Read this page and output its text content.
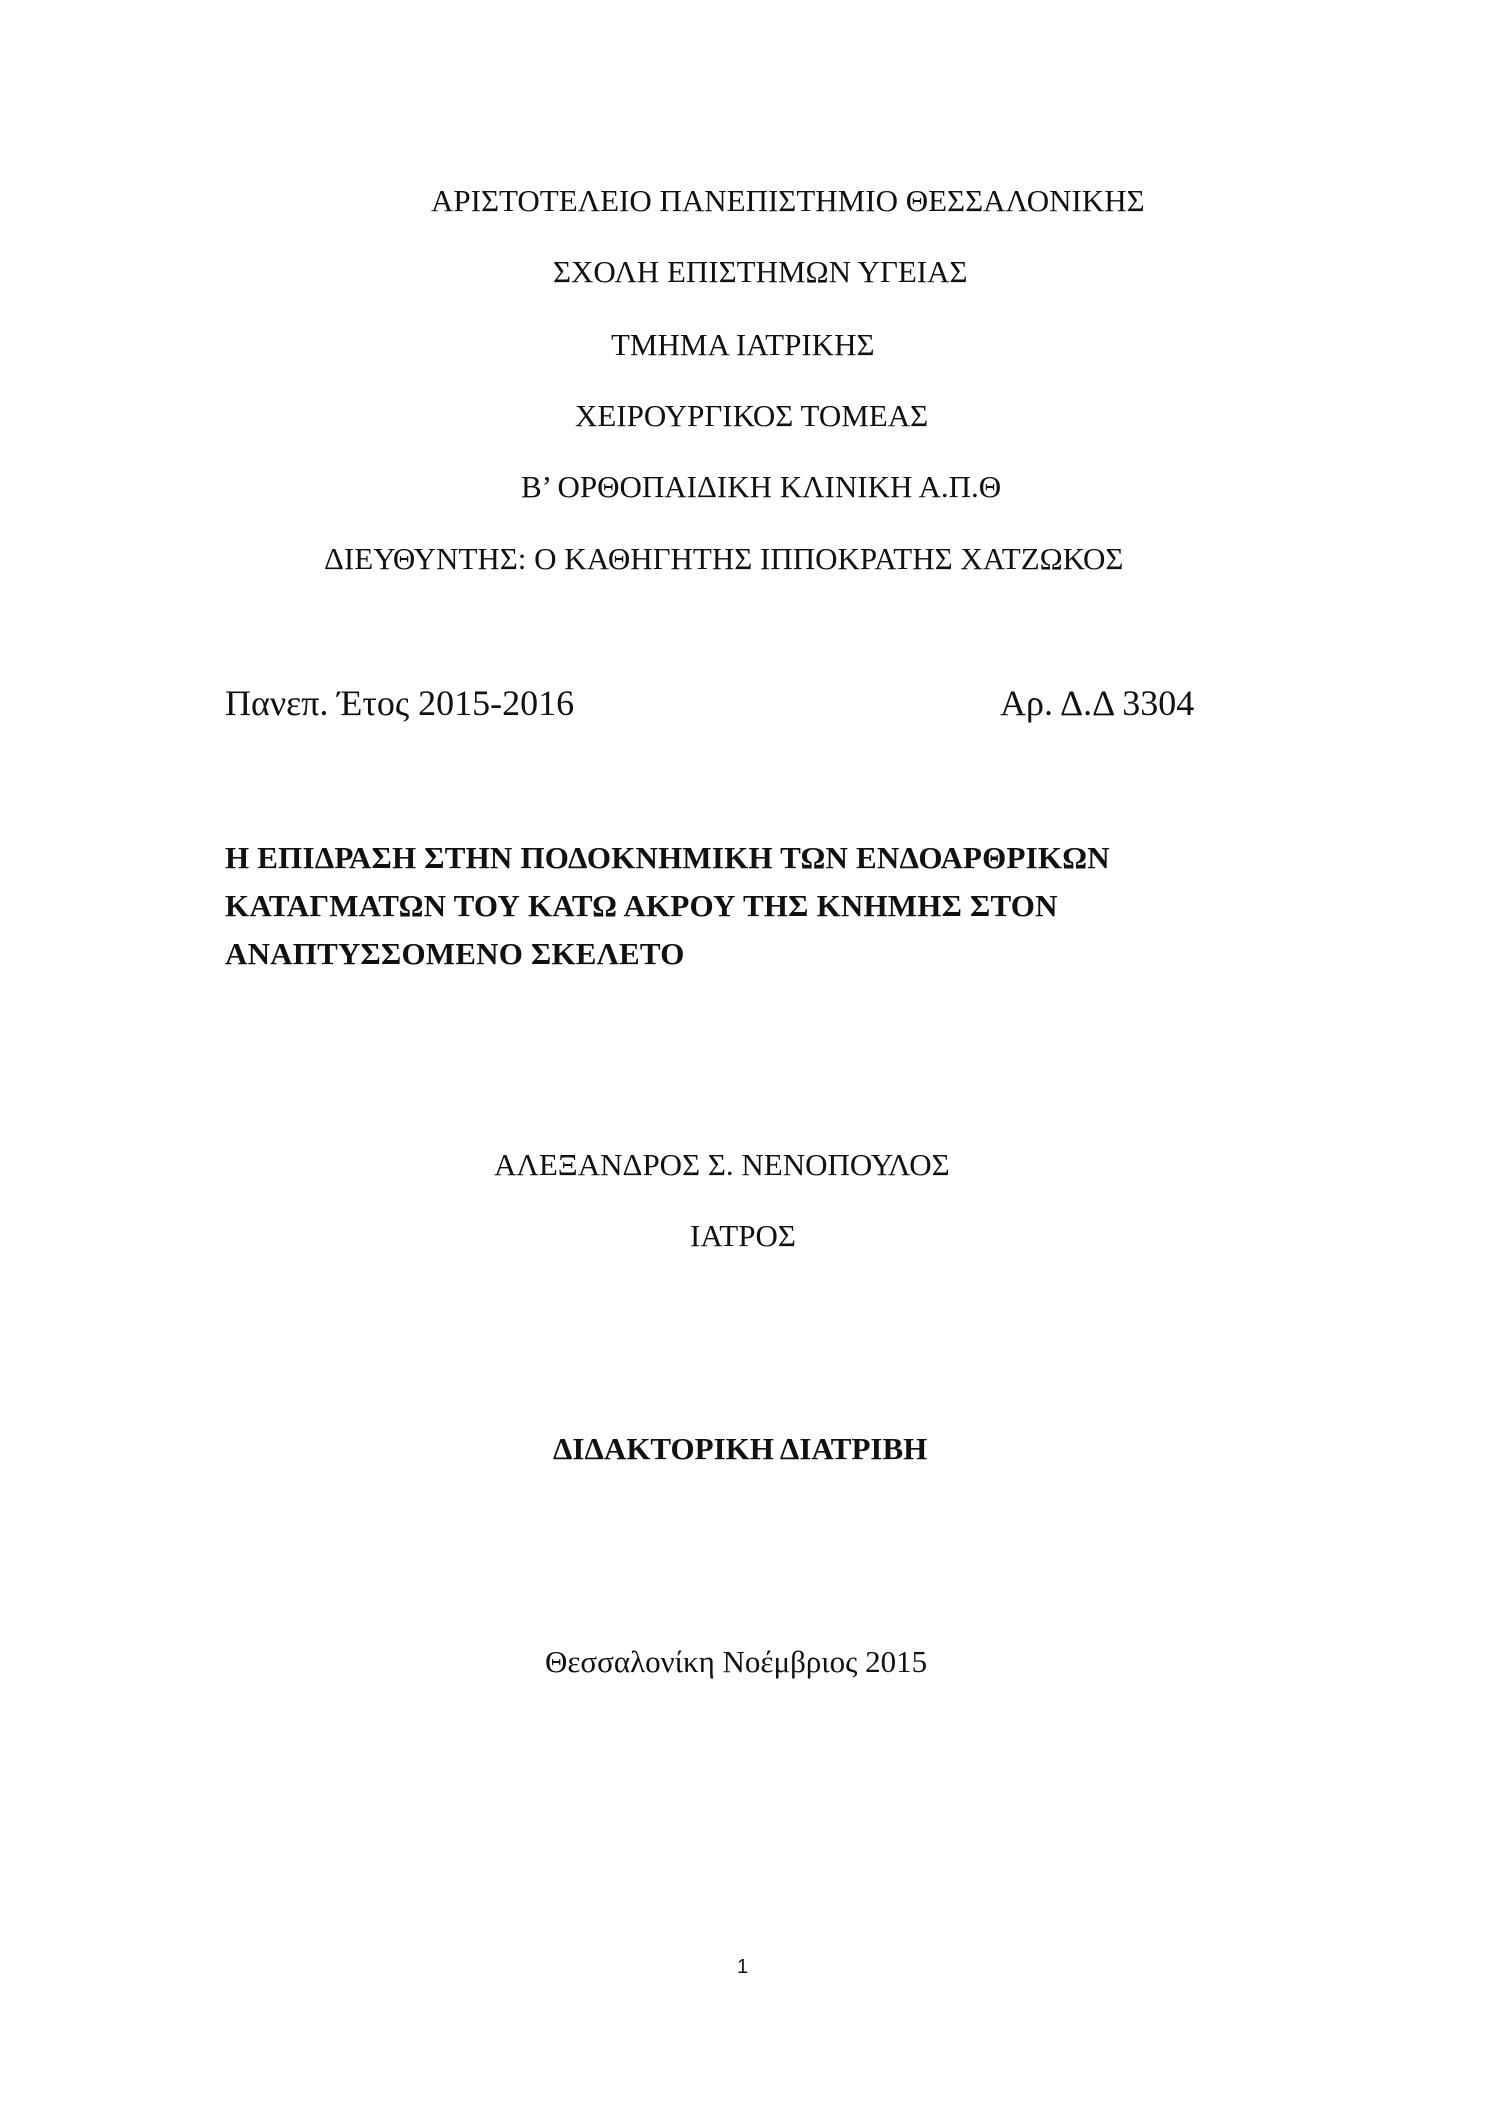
ΑΡΙΣΤΟΤΕΛΕΙΟ ΠΑΝΕΠΙΣΤΗΜΙΟ ΘΕΣΣΑΛΟΝΙΚΗΣ
ΣΧΟΛΗ ΕΠΙΣΤΗΜΩΝ ΥΓΕΙΑΣ
ΤΜΗΜΑ ΙΑΤΡΙΚΗΣ
ΧΕΙΡΟΥΡΓΙΚΟΣ ΤΟΜΕΑΣ
Β’ ΟΡΘΟΠΑΙΔΙΚΗ ΚΛΙΝΙΚΗ Α.Π.Θ
ΔΙΕΥΘΥΝΤΗΣ: Ο ΚΑΘΗΓΗΤΗΣ ΙΠΠΟΚΡΑΤΗΣ ΧΑΤΖΩΚΟΣ
Πανεπ. Έτος 2015-2016	Αρ. Δ.Δ 3304
Η ΕΠΙΔΡΑΣΗ ΣΤΗΝ ΠΟΔΟΚΝΗΜΙΚΗ ΤΩΝ ΕΝΔΟΑΡΘΡΙΚΩΝ
ΚΑΤΑΓΜΑΤΩΝ ΤΟΥ ΚΑΤΩ ΑΚΡΟΥ ΤΗΣ ΚΝΗΜΗΣ ΣΤΟΝ
ΑΝΑΠΤΥΣΣΟΜΕΝΟ ΣΚΕΛΕΤΟ
ΑΛΕΞΑΝΔΡΟΣ Σ. ΝΕΝΟΠΟΥΛΟΣ
ΙΑΤΡΟΣ
ΔΙΔΑΚΤΟΡΙΚΗ ΔΙΑΤΡΙΒΗ
Θεσσαλονίκη Νοέμβριος 2015
1
